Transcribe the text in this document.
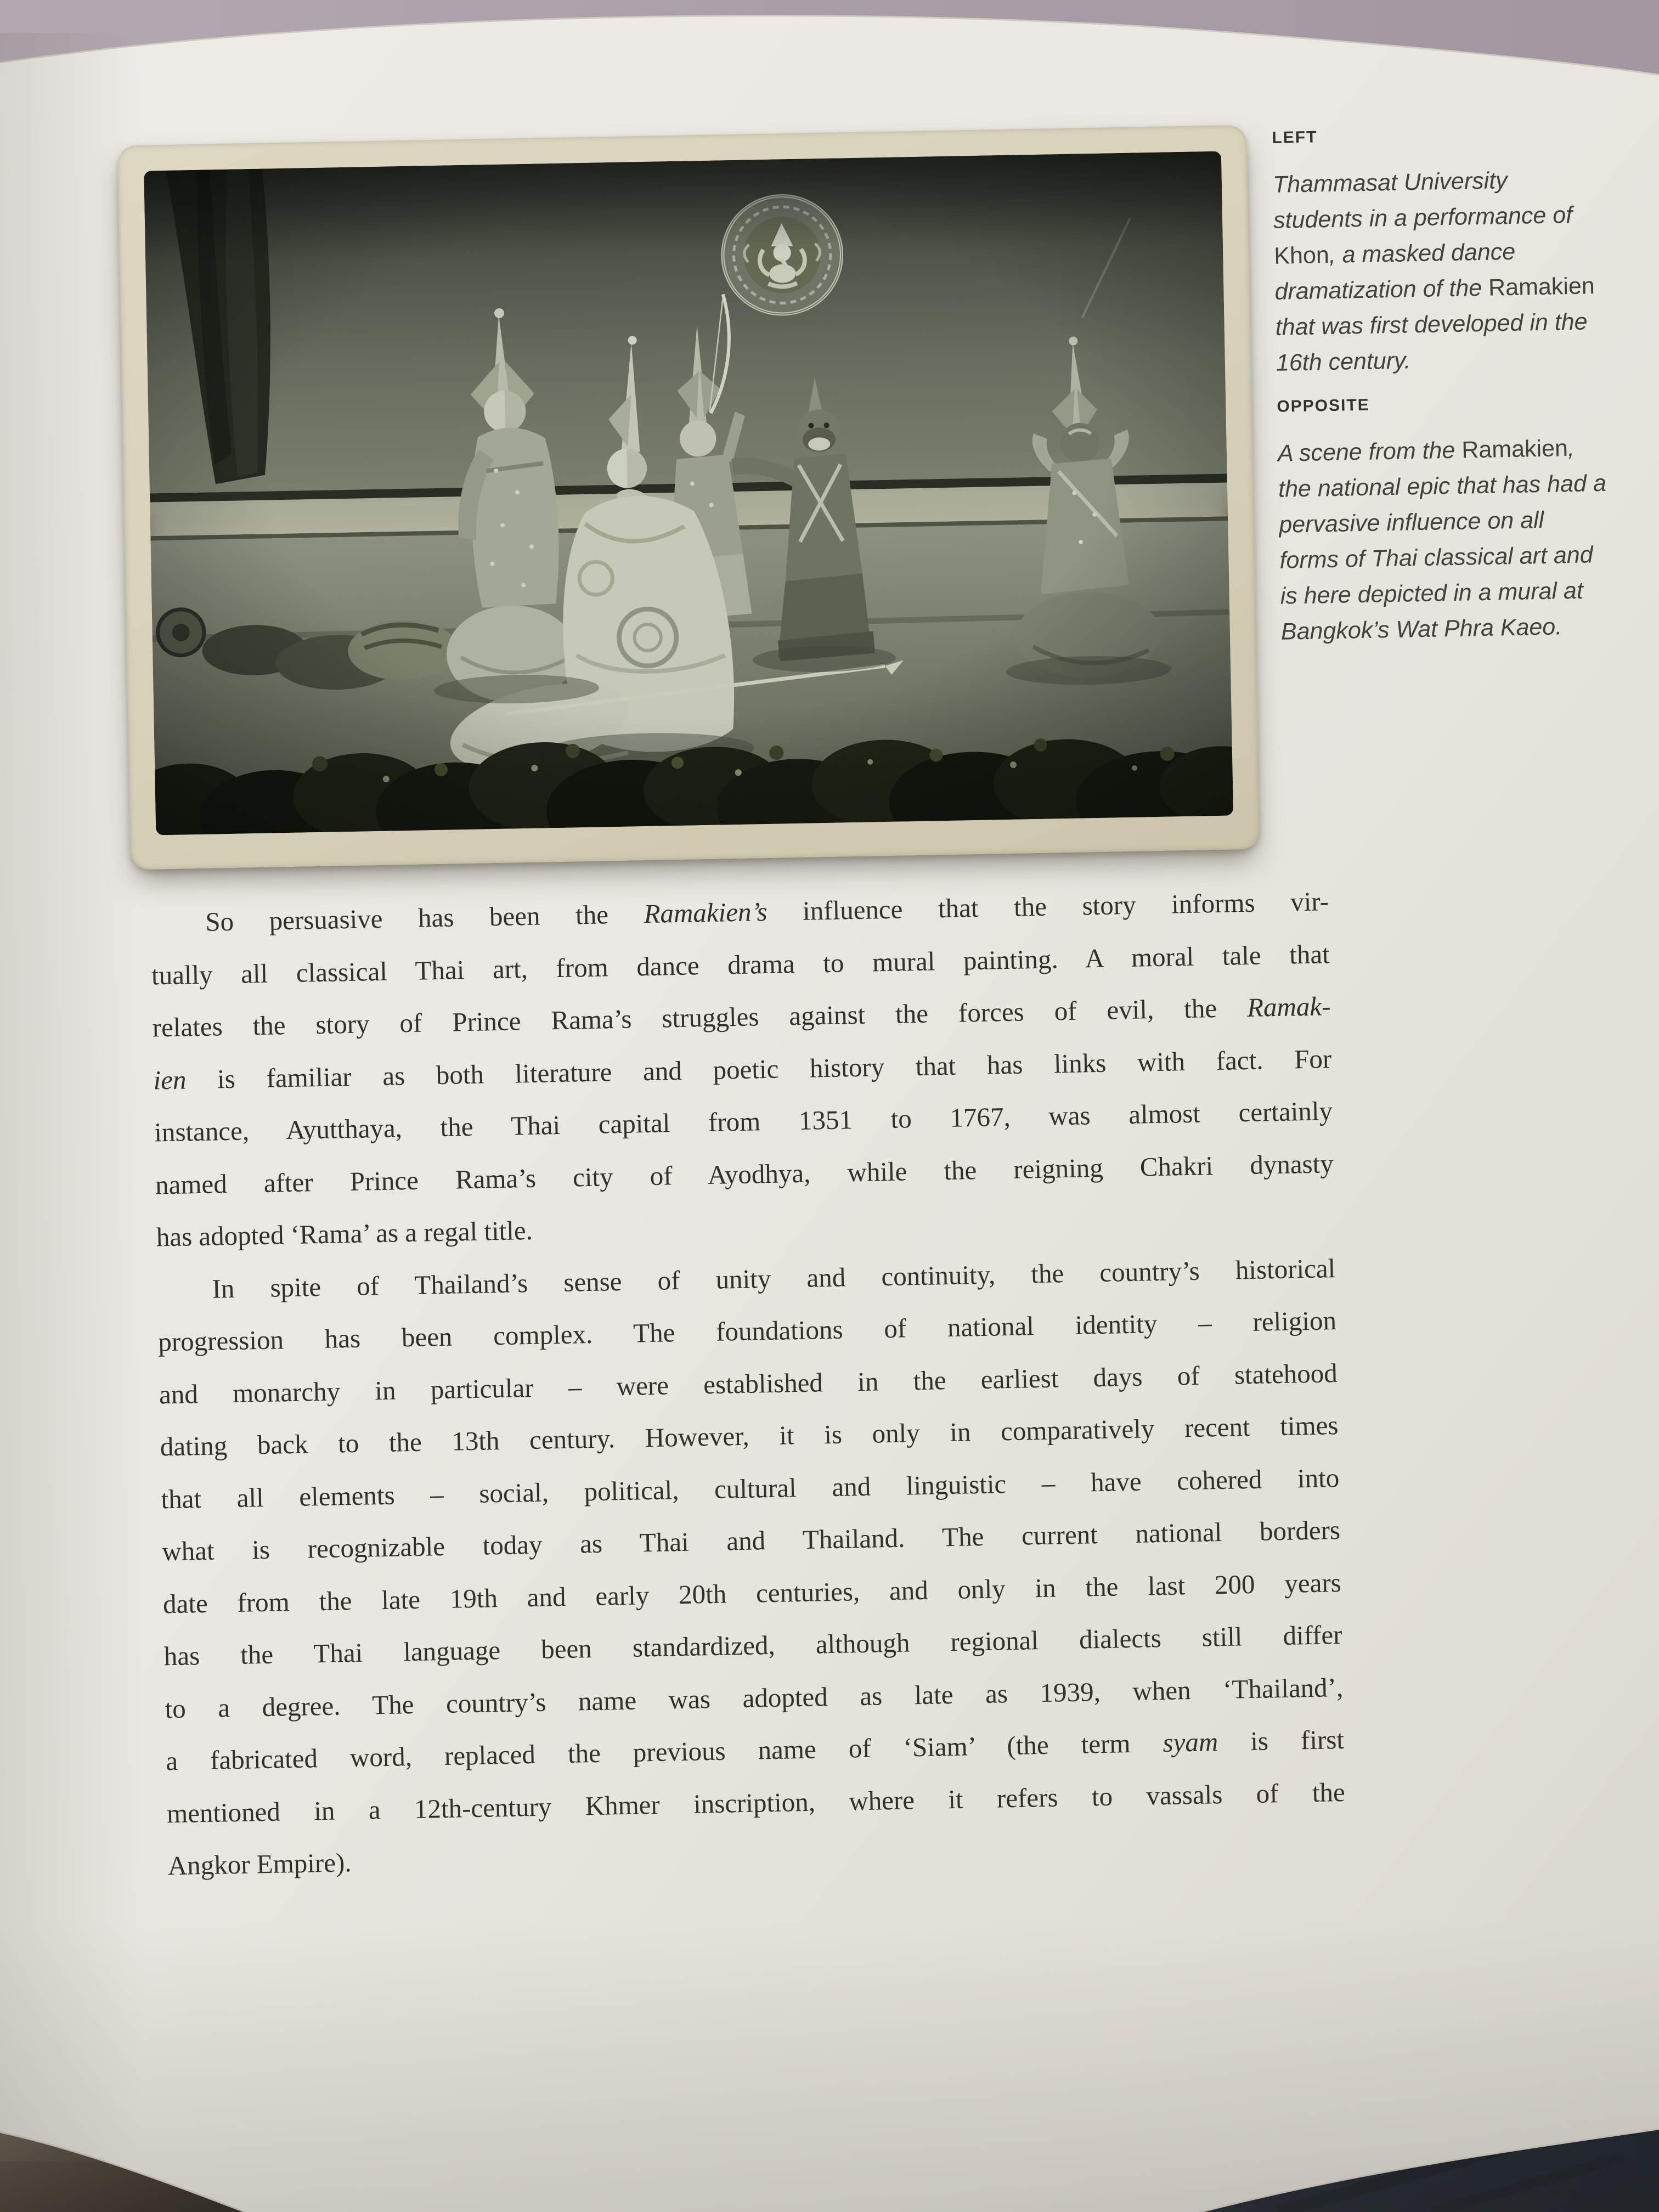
LEFT

Thammasat University students in a performance of Khon, a masked dance dramatization of the Ramakien that was first developed in the 16th century.

OPPOSITE

A scene from the Ramakien, the national epic that has had a pervasive influence on all forms of Thai classical art and is here depicted in a mural at Bangkok’s Wat Phra Kaeo.

So persuasive has been the Ramakien’s influence that the story informs vir-
tually all classical Thai art, from dance drama to mural painting. A moral tale that
relates the story of Prince Rama’s struggles against the forces of evil, the Ramak-
ien is familiar as both literature and poetic history that has links with fact. For
instance, Ayutthaya, the Thai capital from 1351 to 1767, was almost certainly
named after Prince Rama’s city of Ayodhya, while the reigning Chakri dynasty
has adopted ‘Rama’ as a regal title.
In spite of Thailand’s sense of unity and continuity, the country’s historical
progression has been complex. The foundations of national identity – religion
and monarchy in particular – were established in the earliest days of statehood
dating back to the 13th century. However, it is only in comparatively recent times
that all elements – social, political, cultural and linguistic – have cohered into
what is recognizable today as Thai and Thailand. The current national borders
date from the late 19th and early 20th centuries, and only in the last 200 years
has the Thai language been standardized, although regional dialects still differ
to a degree. The country’s name was adopted as late as 1939, when ‘Thailand’,
a fabricated word, replaced the previous name of ‘Siam’ (the term syam is first
mentioned in a 12th-century Khmer inscription, where it refers to vassals of the
Angkor Empire).
